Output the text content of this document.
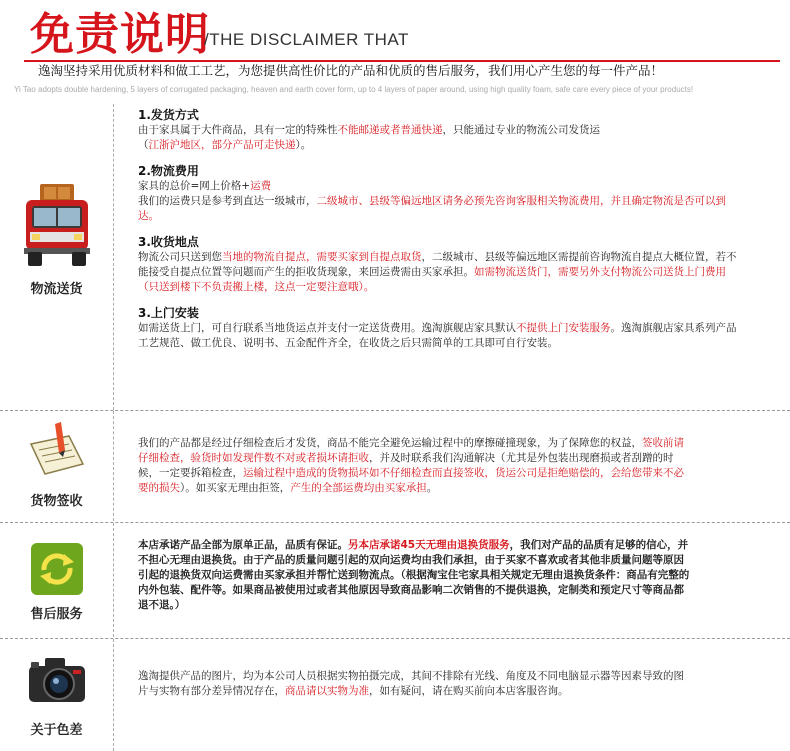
免责说明
/THE DISCLAIMER THAT
逸淘坚持采用优质材料和做工工艺，为您提供高性价比的产品和优质的售后服务，我们用心产生您的每一件产品！
Yi Tao adopts double hardening, 5 layers of corrugated packaging, heaven and earth cover form, up to 4 layers of paper around, using high quality foam, safe care every piece of your products!
物流送货
1.发货方式

由于家具属于大件商品，具有一定的特殊性不能邮递或者普通快递，只能通过专业的物流公司发货运
（江浙沪地区，部分产品可走快递）。

2.物流费用

家具的总价=网上价格+运费
我们的运费只是参考到直达一级城市，二级城市、县级等偏远地区请务必预先咨询客服相关物流费用，并且确定物流是否可以到达。

3.收货地点

物流公司只送到您当地的物流自提点，需要买家到自提点取货，二级城市、县级等偏远地区需提前咨询物流自提点大概位置，若不能接受自提点位置等问题而产生的拒收货现象，来回运费需由买家承担。如需物流送货门，需要另外支付物流公司送货上门费用（只送到楼下不负责搬上楼，这点一定要注意哦）。

3.上门安装

如需送货上门，可自行联系当地货运点并支付一定送货费用。逸淘旗舰店家具默认不提供上门安装服务。逸淘旗舰店家具系列产品工艺规范、做工优良、说明书、五金配件齐全，在收货之后只需简单的工具即可自行安装。

货物签收

我们的产品都是经过仔细检查后才发货，商品不能完全避免运输过程中的摩擦碰撞现象，为了保障您的权益，签收前请仔细检查，验货时如发现件数不对或者损坏请拒收，并及时联系我们沟通解决（尤其是外包装出现磨损或者刮蹭的时候，一定要拆箱检查，运输过程中造成的货物损坏如不仔细检查而直接签收，货运公司是拒绝赔偿的，会给您带来不必要的损失）。如买家无理由拒签，产生的全部运费均由买家承担。

售后服务

本店承诺产品全部为原单正品，品质有保证。另本店承诺45天无理由退换货服务，我们对产品的品质有足够的信心，并不担心无理由退换货。由于产品的质量问题引起的双向运费均由我们承担，由于买家不喜欢或者其他非质量问题等原因引起的退换货双向运费需由买家承担并帮忙送到物流点。（根据淘宝住宅家具相关规定无理由退换货条件：商品有完整的内外包装、配件等。如果商品被使用过或者其他原因导致商品影响二次销售的不提供退换，定制类和预定尺寸等商品都退不退。）

关于色差

逸淘提供产品的图片，均为本公司人员根据实物拍摄完成，其间不排除有光线、角度及不同电脑显示器等因素导致的图片与实物有部分差异情况存在，商品请以实物为准，如有疑问，请在购买前向本店客服咨询。
